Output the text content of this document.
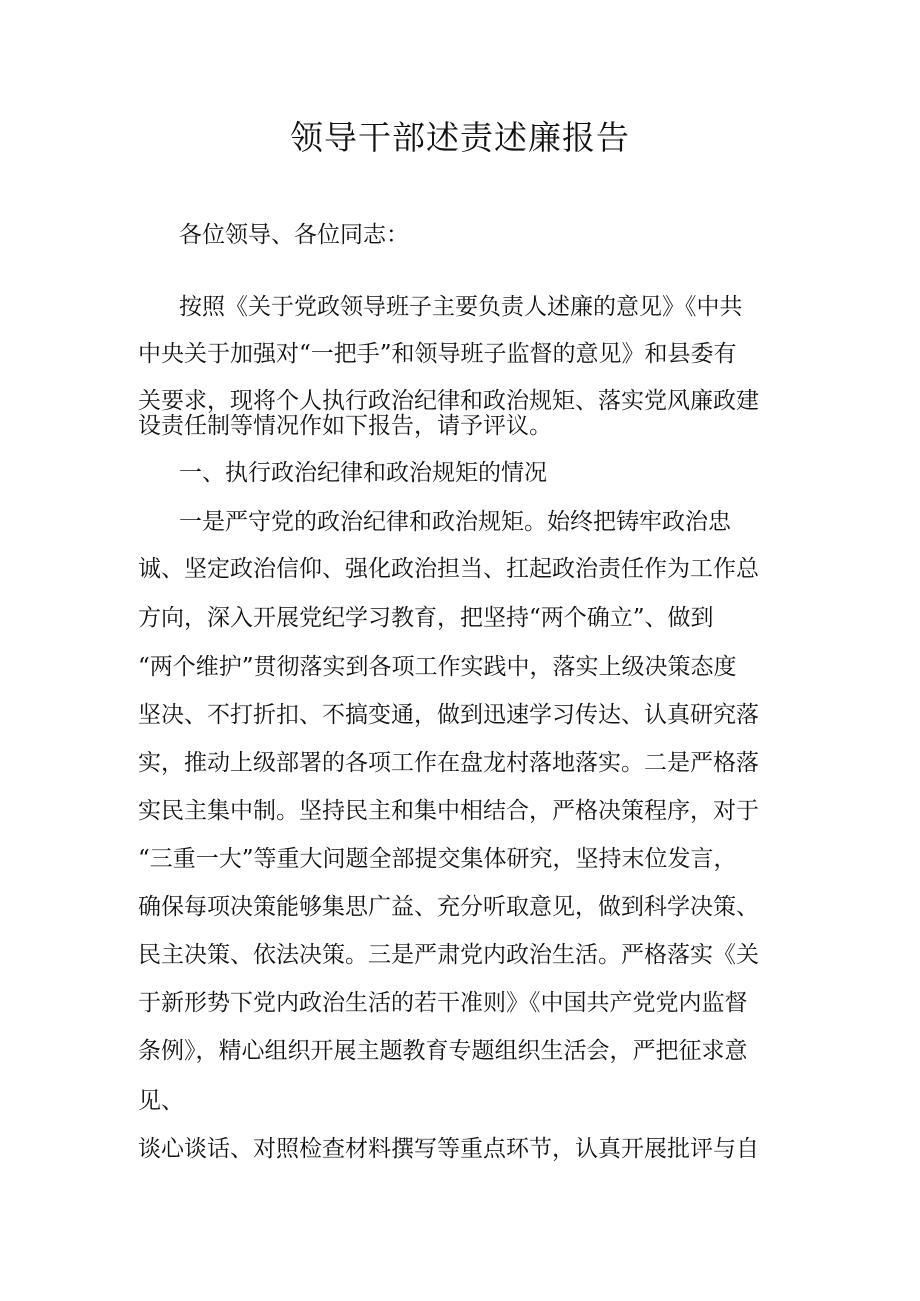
领导干部述责述廉报告

各位领导、各位同志：

按照《关于党政领导班子主要负责人述廉的意见》《中共

中央关于加强对“一把手”和领导班子监督的意见》和县委有

关要求，现将个人执行政治纪律和政治规矩、落实党风廉政建

设责任制等情况作如下报告，请予评议。

一、执行政治纪律和政治规矩的情况

一是严守党的政治纪律和政治规矩。始终把铸牢政治忠

诚、坚定政治信仰、强化政治担当、扛起政治责任作为工作总

方向，深入开展党纪学习教育，把坚持“两个确立”、做到

“两个维护”贯彻落实到各项工作实践中，落实上级决策态度

坚决、不打折扣、不搞变通，做到迅速学习传达、认真研究落

实，推动上级部署的各项工作在盘龙村落地落实。二是严格落

实民主集中制。坚持民主和集中相结合，严格决策程序，对于

“三重一大”等重大问题全部提交集体研究，坚持末位发言，

确保每项决策能够集思广益、充分听取意见，做到科学决策、

民主决策、依法决策。三是严肃党内政治生活。严格落实《关

于新形势下党内政治生活的若干准则》《中国共产党党内监督

条例》，精心组织开展主题教育专题组织生活会，严把征求意

见、

谈心谈话、对照检查材料撰写等重点环节，认真开展批评与自
